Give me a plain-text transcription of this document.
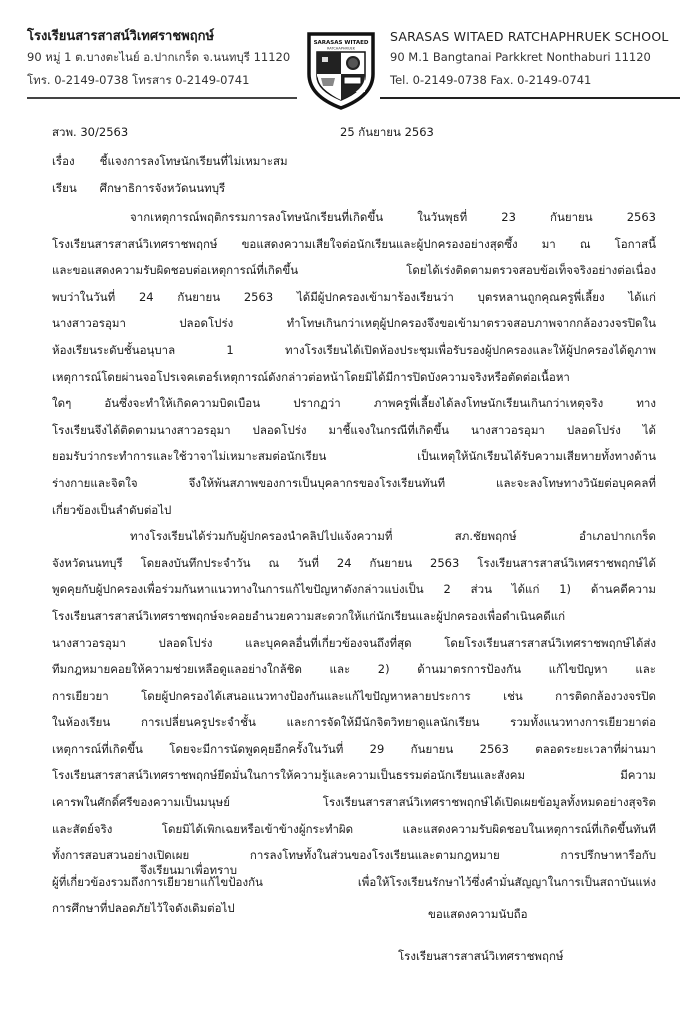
โรงเรียนสารสาสน์วิเทศราชพฤกษ์
90 หมู่ 1 ต.บางตะไนย์ อ.ปากเกร็ด จ.นนทบุรี 11120
โทร. 0-2149-0738 โทรสาร 0-2149-0741
SARASAS WITAED
RATCHAPHRUEK
SARASAS WITAED RATCHAPHRUEK SCHOOL
90 M.1 Bangtanai Parkkret Nonthaburi 11120
Tel. 0-2149-0738 Fax. 0-2149-0741
สวพ. 30/2563	25 กันยายน 2563
เรื่อง ชี้แจงการลงโทษนักเรียนที่ไม่เหมาะสม
เรียน ศึกษาธิการจังหวัดนนทบุรี

จากเหตุการณ์พฤติกรรมการลงโทษนักเรียนที่เกิดขึ้น ในวันพุธที่ 23 กันยายน 2563

โรงเรียนสารสาสน์วิเทศราชพฤกษ์ ขอแสดงความเสียใจต่อนักเรียนและผู้ปกครองอย่างสุดซึ้ง มา ณ โอกาสนี้

และขอแสดงความรับผิดชอบต่อเหตุการณ์ที่เกิดขึ้น โดยได้เร่งติดตามตรวจสอบข้อเท็จจริงอย่างต่อเนื่อง

พบว่าในวันที่ 24 กันยายน 2563 ได้มีผู้ปกครองเข้ามาร้องเรียนว่า บุตรหลานถูกคุณครูพี่เลี้ยง ได้แก่

นางสาวอรอุมา ปลอดโปร่ง ทำโทษเกินกว่าเหตุผู้ปกครองจึงขอเข้ามาตรวจสอบภาพจากกล้องวงจรปิดใน

ห้องเรียนระดับชั้นอนุบาล 1 ทางโรงเรียนได้เปิดห้องประชุมเพื่อรับรองผู้ปกครองและให้ผู้ปกครองได้ดูภาพ

เหตุการณ์โดยผ่านจอโปรเจคเตอร์เหตุการณ์ดังกล่าวต่อหน้าโดยมิได้มีการปิดบังความจริงหรือตัดต่อเนื้อหา

ใดๆ อันซึ่งจะทำให้เกิดความบิดเบือน ปรากฏว่า ภาพครูพี่เลี้ยงได้ลงโทษนักเรียนเกินกว่าเหตุจริง ทาง

โรงเรียนจึงได้ติดตามนางสาวอรอุมา ปลอดโปร่ง มาชี้แจงในกรณีที่เกิดขึ้น นางสาวอรอุมา ปลอดโปร่ง ได้

ยอมรับว่ากระทำการและใช้วาจาไม่เหมาะสมต่อนักเรียน เป็นเหตุให้นักเรียนได้รับความเสียหายทั้งทางด้าน

ร่างกายและจิตใจ จึงให้พ้นสภาพของการเป็นบุคลากรของโรงเรียนทันที และจะลงโทษทางวินัยต่อบุคคลที่

เกี่ยวข้องเป็นลำดับต่อไป

ทางโรงเรียนได้ร่วมกับผู้ปกครองนำคลิปไปแจ้งความที่ สภ.ชัยพฤกษ์ อำเภอปากเกร็ด

จังหวัดนนทบุรี โดยลงบันทึกประจำวัน ณ วันที่ 24 กันยายน 2563 โรงเรียนสารสาสน์วิเทศราชพฤกษ์ได้

พูดคุยกับผู้ปกครองเพื่อร่วมกันหาแนวทางในการแก้ไขปัญหาดังกล่าวแบ่งเป็น 2 ส่วน ได้แก่ 1) ด้านคดีความ

โรงเรียนสารสาสน์วิเทศราชพฤกษ์จะคอยอำนวยความสะดวกให้แก่นักเรียนและผู้ปกครองเพื่อดำเนินคดีแก่

นางสาวอรอุมา ปลอดโปร่ง และบุคคลอื่นที่เกี่ยวข้องจนถึงที่สุด โดยโรงเรียนสารสาสน์วิเทศราชพฤกษ์ได้ส่ง

ทีมกฎหมายคอยให้ความช่วยเหลือดูแลอย่างใกล้ชิด และ 2) ด้านมาตรการป้องกัน แก้ไขปัญหา และ

การเยียวยา โดยผู้ปกครองได้เสนอแนวทางป้องกันและแก้ไขปัญหาหลายประการ เช่น การติดกล้องวงจรปิด

ในห้องเรียน การเปลี่ยนครูประจำชั้น และการจัดให้มีนักจิตวิทยาดูแลนักเรียน รวมทั้งแนวทางการเยียวยาต่อ

เหตุการณ์ที่เกิดขึ้น โดยจะมีการนัดพูดคุยอีกครั้งในวันที่ 29 กันยายน 2563 ตลอดระยะเวลาที่ผ่านมา

โรงเรียนสารสาสน์วิเทศราชพฤกษ์ยึดมั่นในการให้ความรู้และความเป็นธรรมต่อนักเรียนและสังคม มีความ

เคารพในศักดิ์ศรีของความเป็นมนุษย์ โรงเรียนสารสาสน์วิเทศราชพฤกษ์ได้เปิดเผยข้อมูลทั้งหมดอย่างสุจริต

และสัตย์จริง โดยมิได้เพิกเฉยหรือเข้าข้างผู้กระทำผิด และแสดงความรับผิดชอบในเหตุการณ์ที่เกิดขึ้นทันที

ทั้งการสอบสวนอย่างเปิดเผย การลงโทษทั้งในส่วนของโรงเรียนและตามกฎหมาย การปรึกษาหารือกับ

ผู้ที่เกี่ยวข้องรวมถึงการเยียวยาแก้ไขป้องกัน เพื่อให้โรงเรียนรักษาไว้ซึ่งคำมั่นสัญญาในการเป็นสถาบันแห่ง

การศึกษาที่ปลอดภัยไว้ใจดังเดิมต่อไป

จึงเรียนมาเพื่อทราบ
ขอแสดงความนับถือ
โรงเรียนสารสาสน์วิเทศราชพฤกษ์
